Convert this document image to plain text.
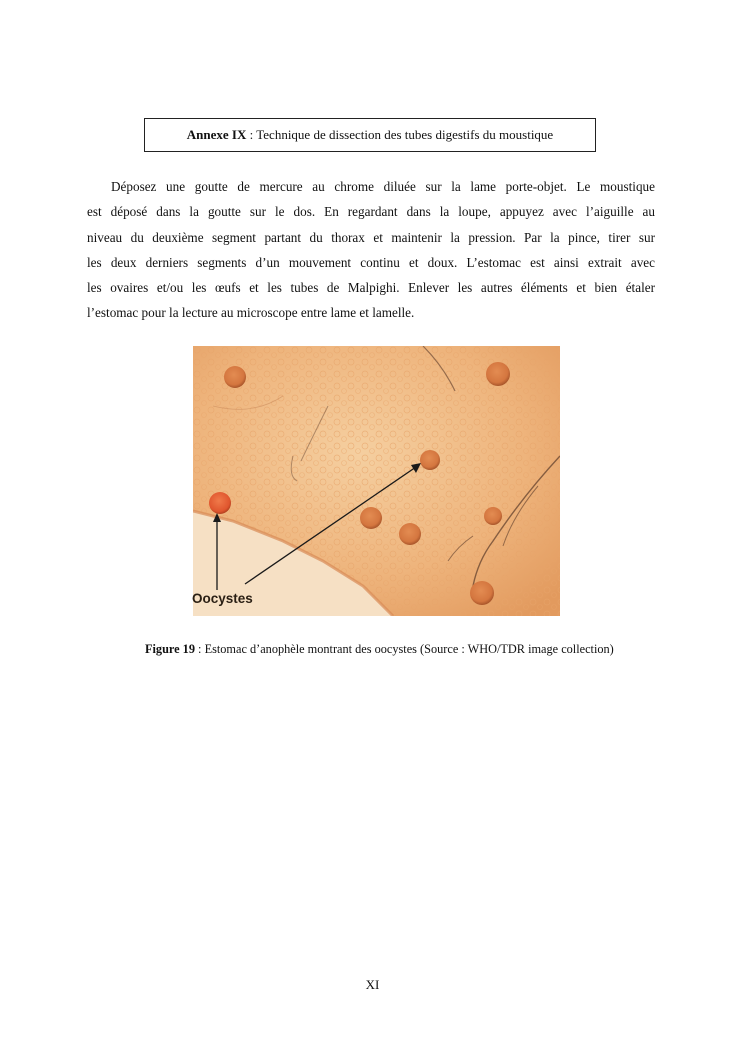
Annexe IX : Technique de dissection des tubes digestifs du moustique

Déposez une goutte de mercure au chrome diluée sur la lame porte-objet. Le moustique
est déposé dans la goutte sur le dos. En regardant dans la loupe, appuyez avec l’aiguille au
niveau du deuxième segment partant du thorax et maintenir la pression. Par la pince, tirer sur
les deux derniers segments d’un mouvement continu et doux. L’estomac est ainsi extrait avec
les ovaires et/ou les œufs et les tubes de Malpighi. Enlever les autres éléments et bien étaler
l’estomac pour la lecture au microscope entre lame et lamelle.

Oocystes
Figure 19 : Estomac d’anophèle montrant des oocystes (Source : WHO/TDR image collection)
XI
